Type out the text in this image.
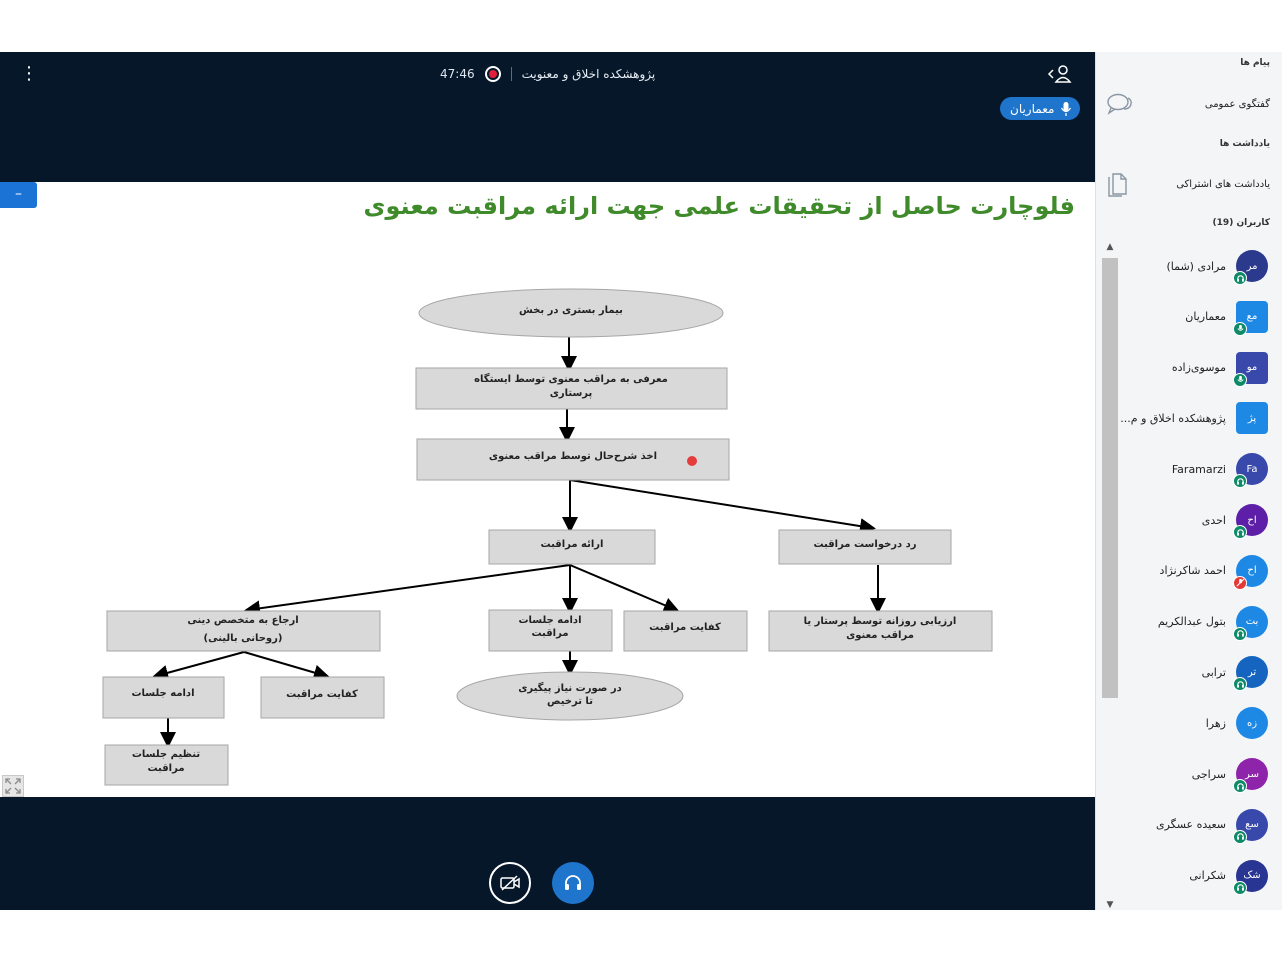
⋮	47:46	پژوهشکده اخلاق و معنویت
معماریان
بیمار بستری در بخش
معرفی به مراقب معنوی توسط ایستگاه
پرستاری
اخذ شرح‌حال توسط مراقب معنوی
ارائه مراقبت	رد درخواست مراقبت
ارجاع به متخصص دینی
(روحانی بالینی)
ادامه جلسات
مراقبت
کفایت مراقبت
ارزیابی روزانه توسط پرستار یا
مراقب معنوی
در صورت نیاز پیگیری
تا ترخیص
ادامه جلسات	کفایت مراقبت
تنظیم جلسات
مراقبت
فلوچارت حاصل از تحقیقات علمی جهت ارائه مراقبت معنوی
–
پیام ها
گفتگوی عمومی
یادداشت ها
یادداشت های اشتراکی
کاربران (19)
مر
مرادی (شما)
مع
معماریان
مو
موسوی‌زاده
پژ
پژوهشکده اخلاق و م...
Fa
Faramarzi
اح
احدی
اح
احمد شاکرنژاد
بت
بتول عبدالکریم
تر
ترابی
زه
زهرا
سر
سراجی
سع
سعیده عسگری
شک
شکرانی
▲
▼
